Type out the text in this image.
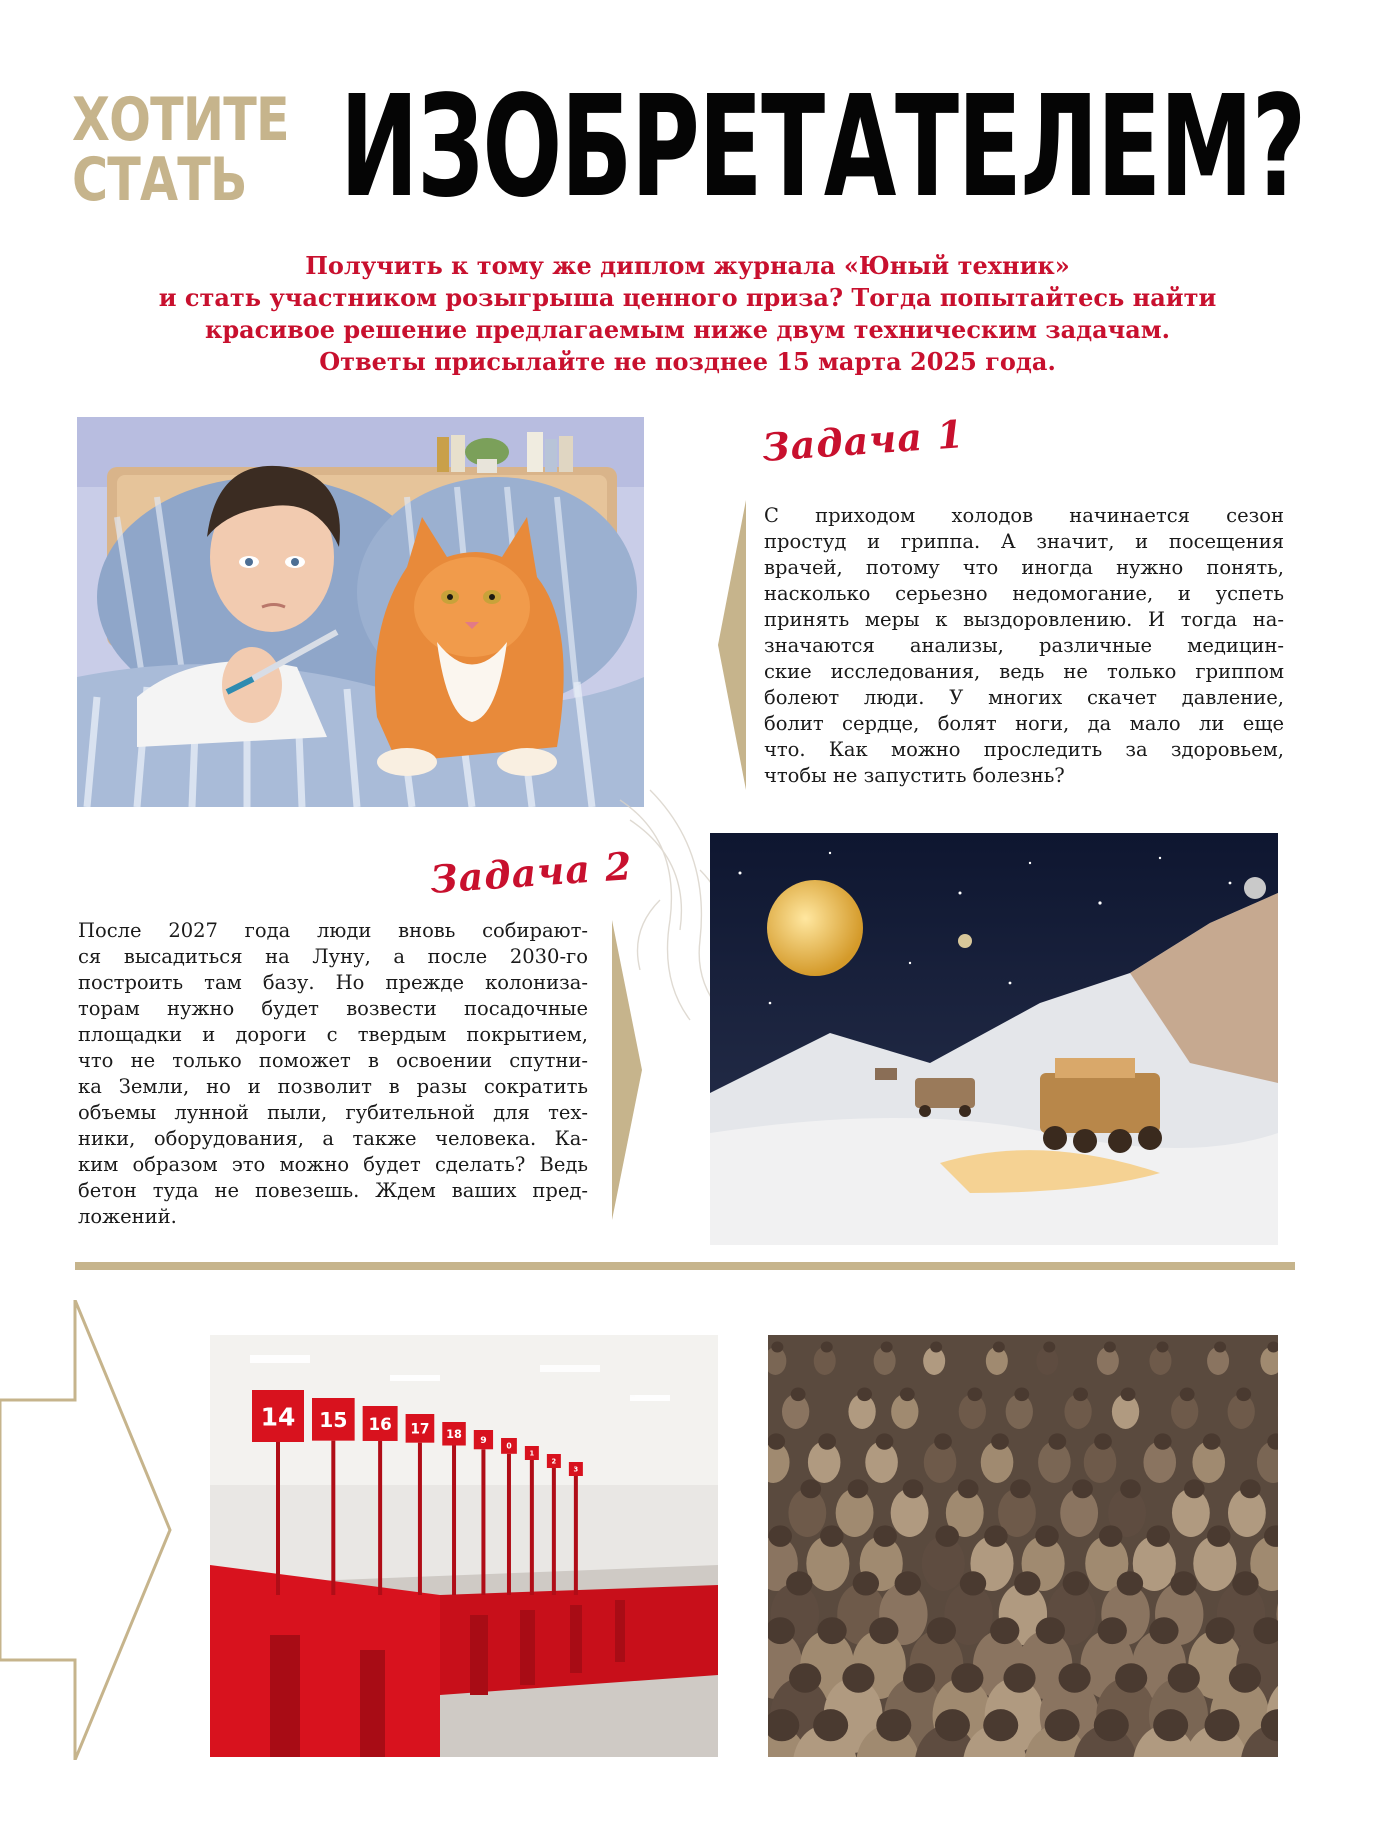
ХОТИТЕ
СТАТЬ ИЗОБРЕТАТЕЛЕМ?
Получить к тому же диплом журнала «Юный техник»
и стать участником розыгрыша ценного приза? Тогда попытайтесь найти
красивое решение предлагаемым ниже двум техническим задачам.
Ответы присылайте не позднее 15 марта 2025 года.
Задача 1
С приходом холодов начинается сезон
простуд и гриппа. А значит, и посещения
врачей, потому что иногда нужно понять,
насколько серьезно недомогание, и успеть
принять меры к выздоровлению. И тогда на-
значаются анализы, различные медицин-
ские исследования, ведь не только гриппом
болеют люди. У многих скачет давление,
болит сердце, болят ноги, да мало ли еще
что. Как можно проследить за здоровьем,
чтобы не запустить болезнь?
Задача 2
После 2027 года люди вновь собирают-
ся высадиться на Луну, а после 2030-го
построить там базу. Но прежде колониза-
торам нужно будет возвести посадочные
площадки и дороги с твердым покрытием,
что не только поможет в освоении спутни-
ка Земли, но и позволит в разы сократить
объемы лунной пыли, губительной для тех-
ники, оборудования, а также человека. Ка-
ким образом это можно будет сделать? Ведь
бетон туда не повезешь. Ждем ваших пред-
ложений.
14 15 16 17 18 9
0
1
2
3
